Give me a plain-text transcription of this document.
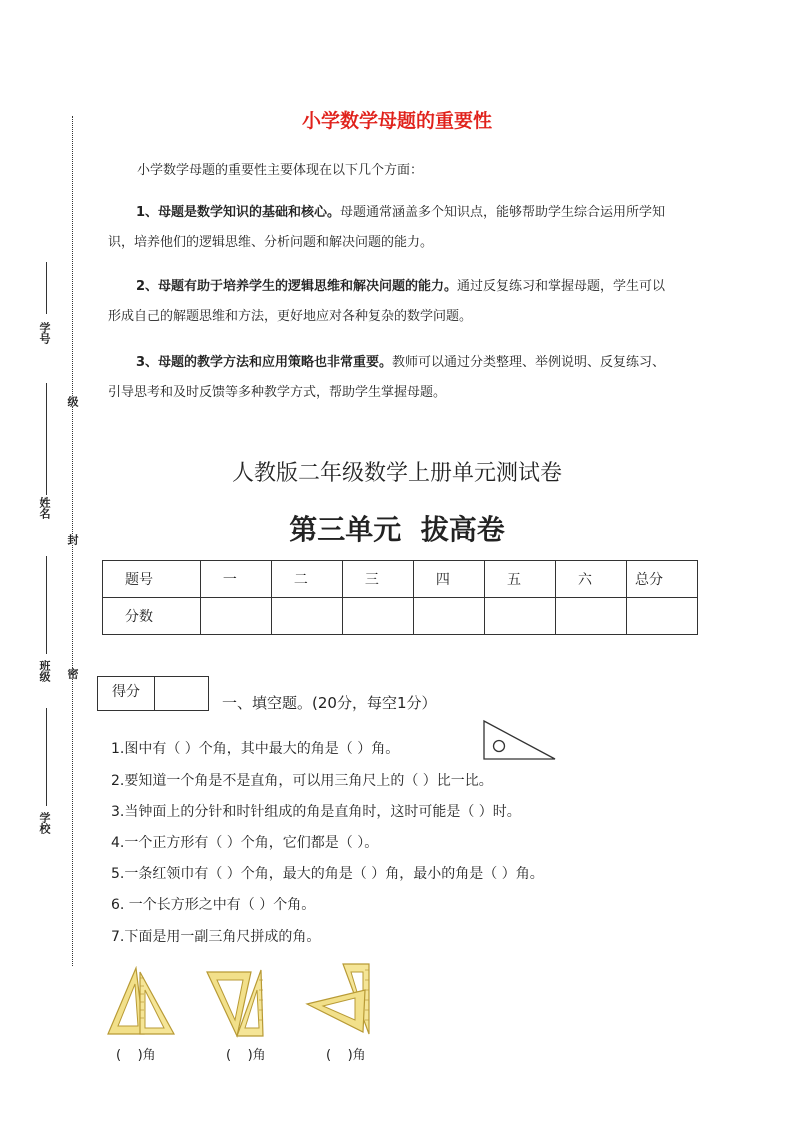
学号
级
姓名
封
班级 密
学校
小学数学母题的重要性
小学数学母题的重要性主要体现在以下几个方面：
1、母题是数学知识的基础和核心。母题通常涵盖多个知识点，能够帮助学生综合运用所学知
识，培养他们的逻辑思维、分析问题和解决问题的能力。
2、母题有助于培养学生的逻辑思维和解决问题的能力。通过反复练习和掌握母题，学生可以
形成自己的解题思维和方法，更好地应对各种复杂的数学问题。
3、母题的教学方法和应用策略也非常重要。教师可以通过分类整理、举例说明、反复练习、
引导思考和及时反馈等多种教学方式，帮助学生掌握母题。
人教版二年级数学上册单元测试卷
第三单元  拔高卷
题号	一	二	三	四	五	六	总分
分数							
得分
一、填空题。(20分，每空1分）
1.图中有（ ）个角，其中最大的角是（ ）角。
2.要知道一个角是不是直角，可以用三角尺上的（ ）比一比。
3.当钟面上的分针和时针组成的角是直角时，这时可能是（ ）时。
4.一个正方形有（ ）个角，它们都是（ ）。
5.一条红领巾有（ ）个角，最大的角是（ ）角，最小的角是（ ）角。
6. 一个长方形之中有（ ）个角。
7.下面是用一副三角尺拼成的角。
(    )角	(    )角	(    )角
